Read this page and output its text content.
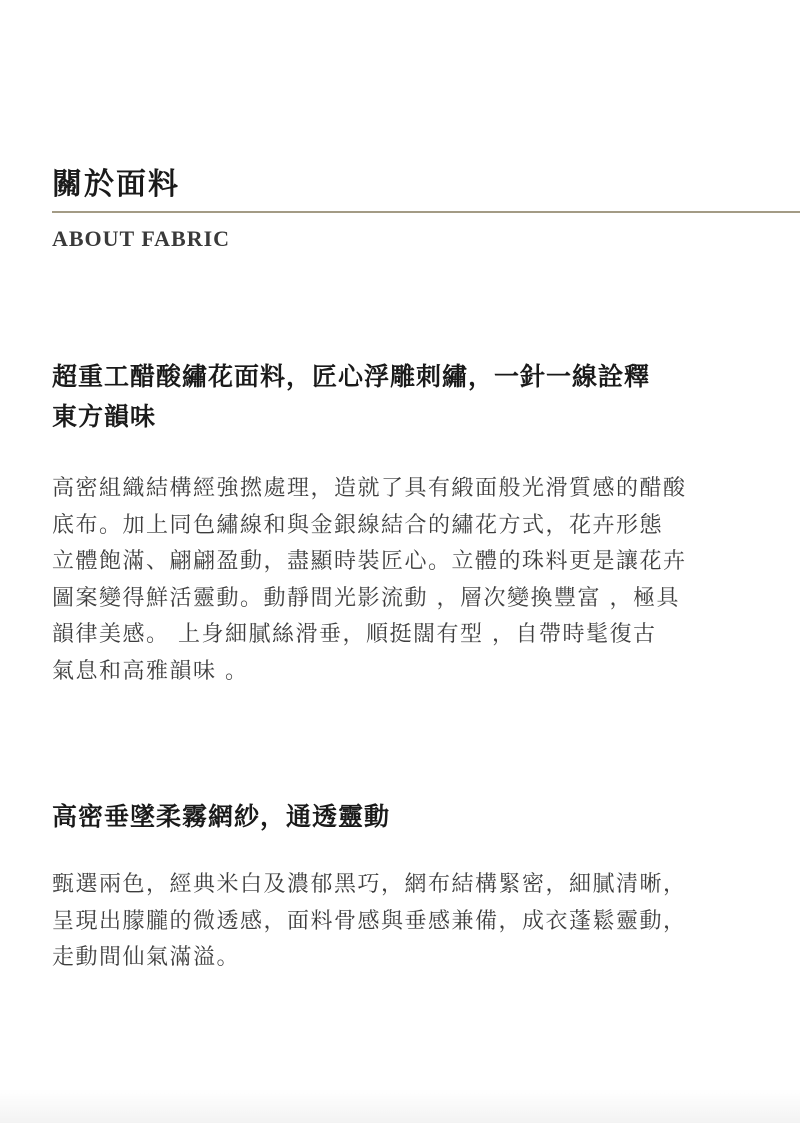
關於面料
ABOUT FABRIC
超重工醋酸繡花面料，匠心浮雕刺繡，一針一線詮釋
東方韻味

高密組織結構經強撚處理，造就了具有緞面般光滑質感的醋酸
底布。加上同色繡線和與金銀線結合的繡花方式，花卉形態
立體飽滿、翩翩盈動，盡顯時裝匠心。立體的珠料更是讓花卉
圖案變得鮮活靈動。動靜間光影流動 ，層次變換豐富 ，極具
韻律美感。 上身細膩絲滑垂，順挺闊有型 ，自帶時髦復古
氣息和高雅韻味 。

高密垂墜柔霧網紗，通透靈動

甄選兩色，經典米白及濃郁黑巧，網布結構緊密，細膩清晰，
呈現出朦朧的微透感，面料骨感與垂感兼備，成衣蓬鬆靈動，
走動間仙氣滿溢。
